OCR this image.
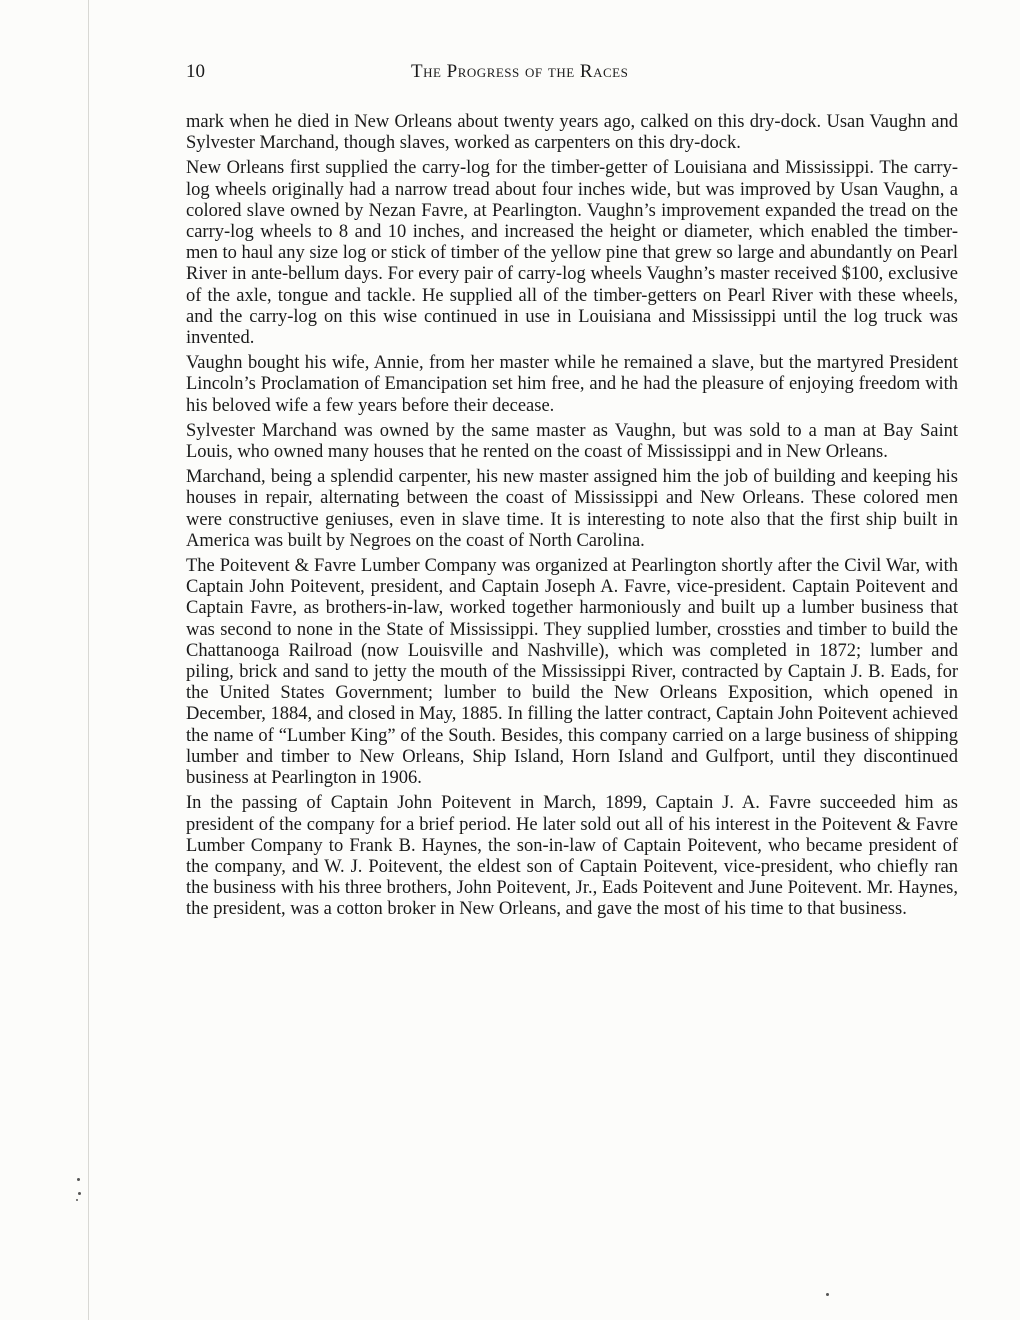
10	The Progress of the Races

mark when he died in New Orleans about twenty years ago, calked on this dry-dock. Usan Vaughn and Sylvester Marchand, though slaves, worked as carpenters on this dry-dock.

New Orleans first supplied the carry-log for the timber-getter of Louisiana and Mississippi. The carry-log wheels originally had a narrow tread about four inches wide, but was improved by Usan Vaughn, a colored slave owned by Nezan Favre, at Pearlington. Vaughn’s improvement expanded the tread on the carry-log wheels to 8 and 10 inches, and increased the height or diameter, which enabled the timber-men to haul any size log or stick of timber of the yellow pine that grew so large and abundantly on Pearl River in ante-bellum days. For every pair of carry-log wheels Vaughn’s master received $100, exclusive of the axle, tongue and tackle. He supplied all of the timber-getters on Pearl River with these wheels, and the carry-log on this wise continued in use in Louisiana and Mississippi until the log truck was invented.

Vaughn bought his wife, Annie, from her master while he remained a slave, but the martyred President Lincoln’s Proclamation of Emancipation set him free, and he had the pleasure of enjoying freedom with his beloved wife a few years before their decease.

Sylvester Marchand was owned by the same master as Vaughn, but was sold to a man at Bay Saint Louis, who owned many houses that he rented on the coast of Mississippi and in New Orleans.

Marchand, being a splendid carpenter, his new master assigned him the job of building and keeping his houses in repair, alternating between the coast of Mississippi and New Orleans. These colored men were constructive geniuses, even in slave time. It is interesting to note also that the first ship built in America was built by Negroes on the coast of North Carolina.

The Poitevent & Favre Lumber Company was organized at Pearlington shortly after the Civil War, with Captain John Poitevent, president, and Captain Joseph A. Favre, vice-president. Captain Poitevent and Captain Favre, as brothers-in-law, worked together harmoniously and built up a lumber business that was second to none in the State of Mississippi. They supplied lumber, crossties and timber to build the Chattanooga Railroad (now Louisville and Nashville), which was completed in 1872; lumber and piling, brick and sand to jetty the mouth of the Mississippi River, contracted by Captain J. B. Eads, for the United States Government; lumber to build the New Orleans Exposition, which opened in December, 1884, and closed in May, 1885. In filling the latter contract, Captain John Poitevent achieved the name of “Lumber King” of the South. Besides, this company carried on a large business of shipping lumber and timber to New Orleans, Ship Island, Horn Island and Gulfport, until they discontinued business at Pearlington in 1906.

In the passing of Captain John Poitevent in March, 1899, Captain J. A. Favre succeeded him as president of the company for a brief period. He later sold out all of his interest in the Poitevent & Favre Lumber Company to Frank B. Haynes, the son-in-law of Captain Poitevent, who became president of the company, and W. J. Poitevent, the eldest son of Captain Poitevent, vice-president, who chiefly ran the business with his three brothers, John Poitevent, Jr., Eads Poitevent and June Poitevent. Mr. Haynes, the president, was a cotton broker in New Orleans, and gave the most of his time to that business.
